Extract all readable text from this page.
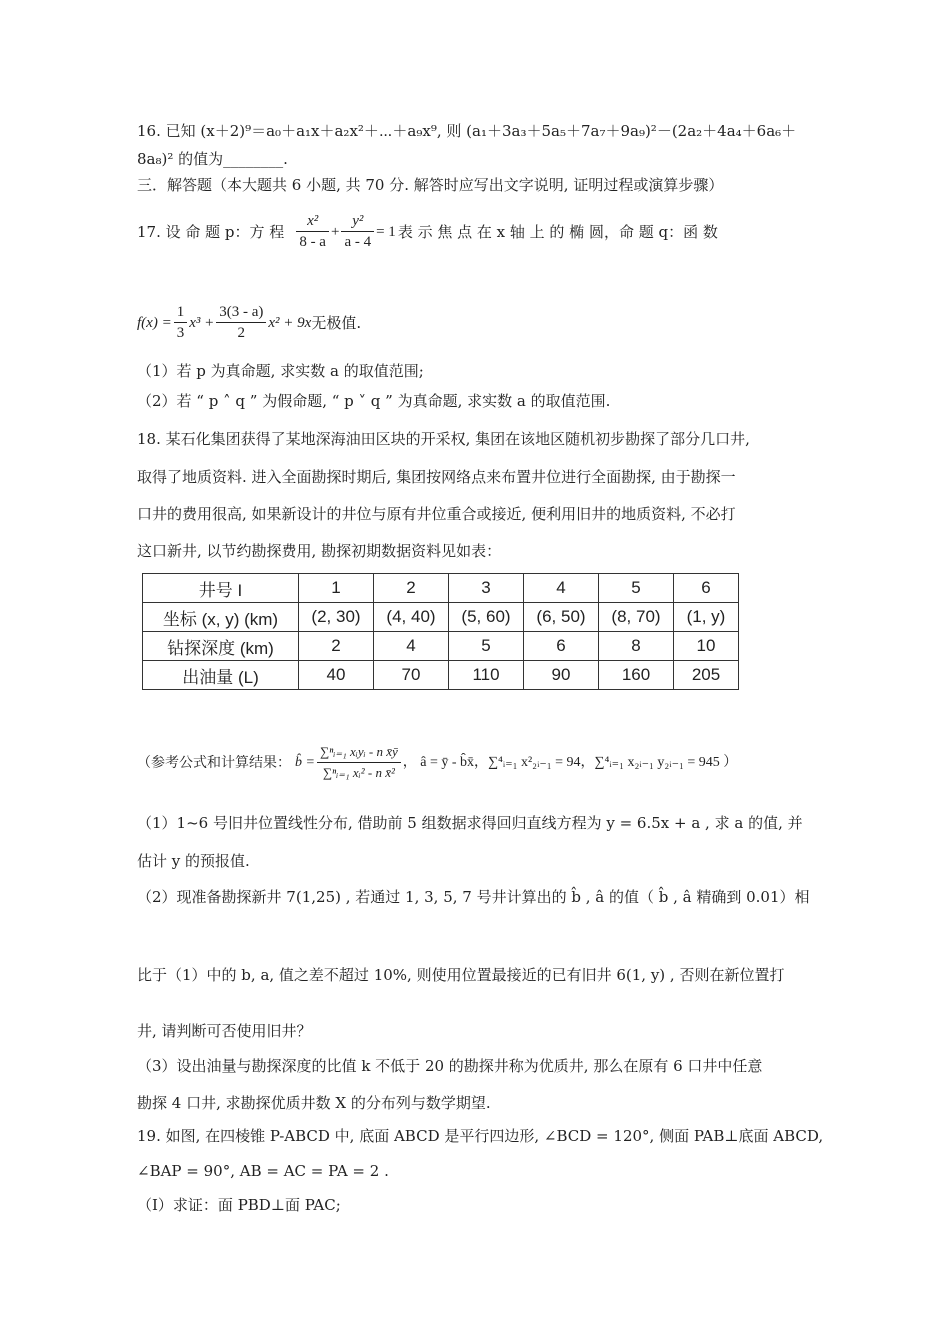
16. 已知 (x＋2)⁹＝a₀＋a₁x＋a₂x²＋⋯＋a₉x⁹, 则 (a₁＋3a₃＋5a₅＋7a₇＋9a₉)²－(2a₂＋4a₄＋6a₆＋
8a₈)² 的值为________.
三．解答题（本大题共 6 小题, 共 70 分. 解答时应写出文字说明, 证明过程或演算步骤）
17. 设 命 题 p：方 程 $\frac{\text{x²}}{8 - a} + \frac{\text{y²}}{a - 4} = 1$ 表 示 焦 点 在 x 轴 上 的 椭 圆，命 题 q：函 数
$f(x) = \frac{1}{3} x^3 + \frac{3(3 - a)}{2} x^2 + 9x$ 无极值.
（1）若 p 为真命题, 求实数 a 的取值范围;
（2）若 “ p ˄ q ” 为假命题, “ p ˅ q ” 为真命题, 求实数 a 的取值范围.
18. 某石化集团获得了某地深海油田区块的开采权, 集团在该地区随机初步勘探了部分几口井,
取得了地质资料. 进入全面勘探时期后, 集团按网络点来布置井位进行全面勘探, 由于勘探一
口井的费用很高, 如果新设计的井位与原有井位重合或接近, 便利用旧井的地质资料, 不必打
这口新井, 以节约勘探费用, 勘探初期数据资料见如表：
井号 I	1	2	3	4	5	6
坐标 (x, y) (km)	(2, 30)	(4, 40)	(5, 60)	(6, 50)	(8, 70)	(1, y)
钻探深度 (km)	2	4	5	6	8	10
出油量 (L)	40	70	110	90	160	205
（参考公式和计算结果： b̂ = $\frac{\text{∑ⁿᵢ₌₁ xᵢyᵢ - n x̄ȳ}}{\text{∑ⁿᵢ₌₁ xᵢ² - n x̄²}}$ ， â = ȳ - b̂x̄， ∑⁴ᵢ₌₁ x²₂ᵢ₋₁ = 94， ∑⁴ᵢ₌₁ x₂ᵢ₋₁ y₂ᵢ₋₁ = 945 ）
（1）1~6 号旧井位置线性分布, 借助前 5 组数据求得回归直线方程为 y = 6.5x + a , 求 a 的值, 并
估计 y 的预报值.
（2）现准备勘探新井 7(1,25) , 若通过 1, 3, 5, 7 号井计算出的 b̂ , â 的值（ b̂ , â 精确到 0.01）相
比于（1）中的 b, a, 值之差不超过 10%, 则使用位置最接近的已有旧井 6(1, y) , 否则在新位置打
井, 请判断可否使用旧井？
（3）设出油量与勘探深度的比值 k 不低于 20 的勘探井称为优质井, 那么在原有 6 口井中任意
勘探 4 口井, 求勘探优质井数 X 的分布列与数学期望.
19. 如图, 在四棱锥 P-ABCD 中, 底面 ABCD 是平行四边形, ∠BCD = 120°, 侧面 PAB⊥底面 ABCD,
∠BAP = 90°, AB = AC = PA = 2 .
（Ⅰ）求证：面 PBD⊥面 PAC;
